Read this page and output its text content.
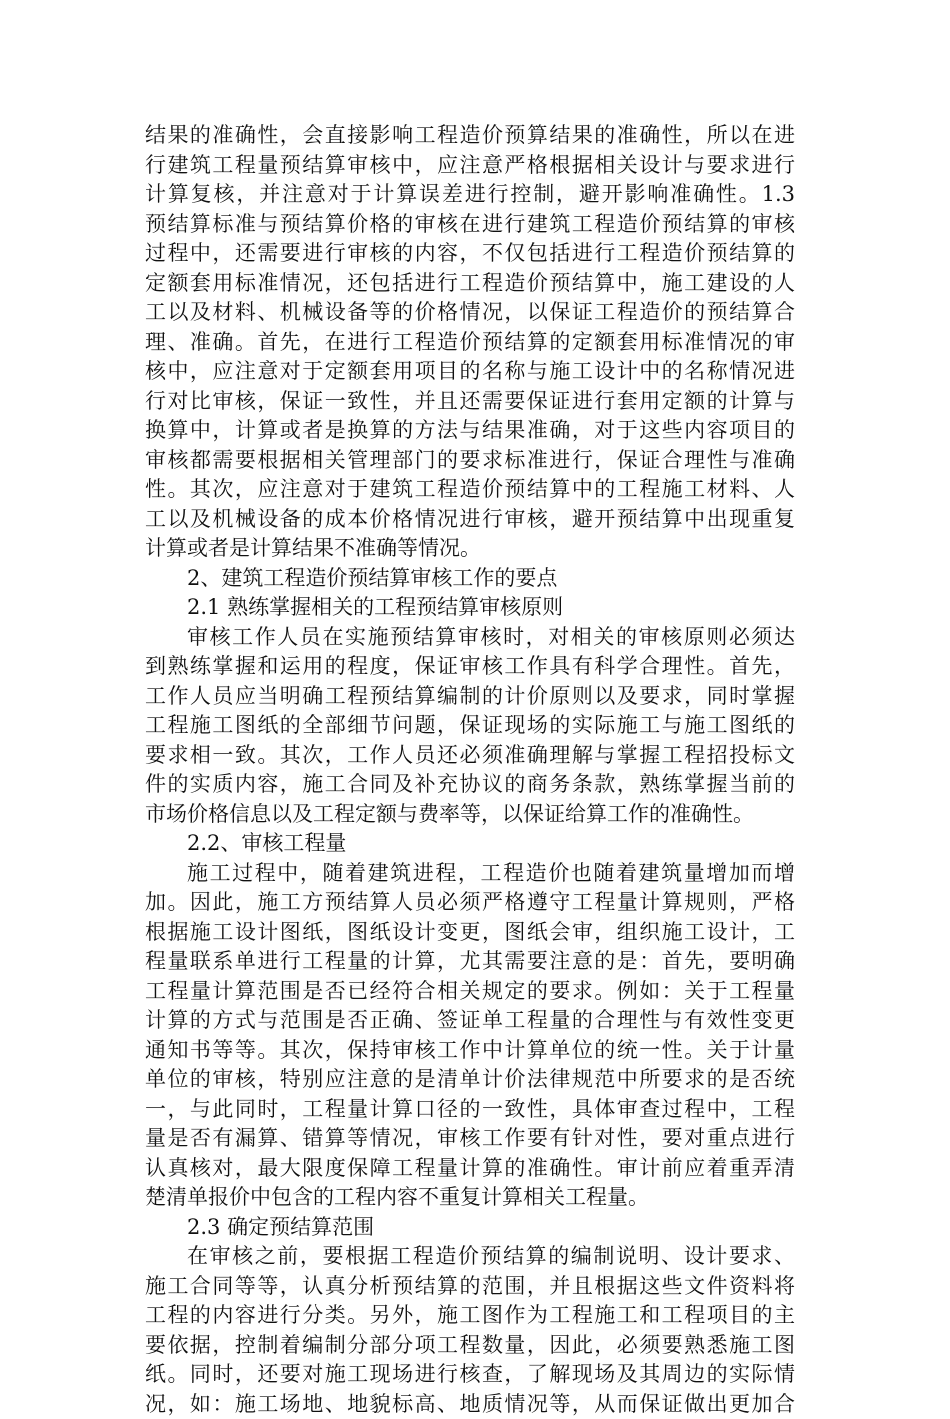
结果的准确性，会直接影响工程造价预算结果的准确性，所以在进
行建筑工程量预结算审核中，应注意严格根据相关设计与要求进行
计算复核，并注意对于计算误差进行控制，避开影响准确性。1.3
预结算标准与预结算价格的审核在进行建筑工程造价预结算的审核
过程中，还需要进行审核的内容，不仅包括进行工程造价预结算的
定额套用标准情况，还包括进行工程造价预结算中，施工建设的人
工以及材料、机械设备等的价格情况，以保证工程造价的预结算合
理、准确。首先，在进行工程造价预结算的定额套用标准情况的审
核中，应注意对于定额套用项目的名称与施工设计中的名称情况进
行对比审核，保证一致性，并且还需要保证进行套用定额的计算与
换算中，计算或者是换算的方法与结果准确，对于这些内容项目的
审核都需要根据相关管理部门的要求标准进行，保证合理性与准确
性。其次，应注意对于建筑工程造价预结算中的工程施工材料、人
工以及机械设备的成本价格情况进行审核，避开预结算中出现重复
计算或者是计算结果不准确等情况。
2、建筑工程造价预结算审核工作的要点
2.1 熟练掌握相关的工程预结算审核原则
审核工作人员在实施预结算审核时，对相关的审核原则必须达
到熟练掌握和运用的程度，保证审核工作具有科学合理性。首先，
工作人员应当明确工程预结算编制的计价原则以及要求，同时掌握
工程施工图纸的全部细节问题，保证现场的实际施工与施工图纸的
要求相一致。其次，工作人员还必须准确理解与掌握工程招投标文
件的实质内容，施工合同及补充协议的商务条款，熟练掌握当前的
市场价格信息以及工程定额与费率等，以保证给算工作的准确性。
2.2、审核工程量
施工过程中，随着建筑进程，工程造价也随着建筑量增加而增
加。因此，施工方预结算人员必须严格遵守工程量计算规则，严格
根据施工设计图纸，图纸设计变更，图纸会审，组织施工设计，工
程量联系单进行工程量的计算，尤其需要注意的是：首先，要明确
工程量计算范围是否已经符合相关规定的要求。例如：关于工程量
计算的方式与范围是否正确、签证单工程量的合理性与有效性变更
通知书等等。其次，保持审核工作中计算单位的统一性。关于计量
单位的审核，特别应注意的是清单计价法律规范中所要求的是否统
一，与此同时，工程量计算口径的一致性，具体审查过程中，工程
量是否有漏算、错算等情况，审核工作要有针对性，要对重点进行
认真核对，最大限度保障工程量计算的准确性。审计前应着重弄清
楚清单报价中包含的工程内容不重复计算相关工程量。
2.3 确定预结算范围
在审核之前，要根据工程造价预结算的编制说明、设计要求、
施工合同等等，认真分析预结算的范围，并且根据这些文件资料将
工程的内容进行分类。另外，施工图作为工程施工和工程项目的主
要依据，控制着编制分部分项工程数量，因此，必须要熟悉施工图
纸。同时，还要对施工现场进行核查，了解现场及其周边的实际情
况，如：施工场地、地貌标高、地质情况等，从而保证做出更加合
